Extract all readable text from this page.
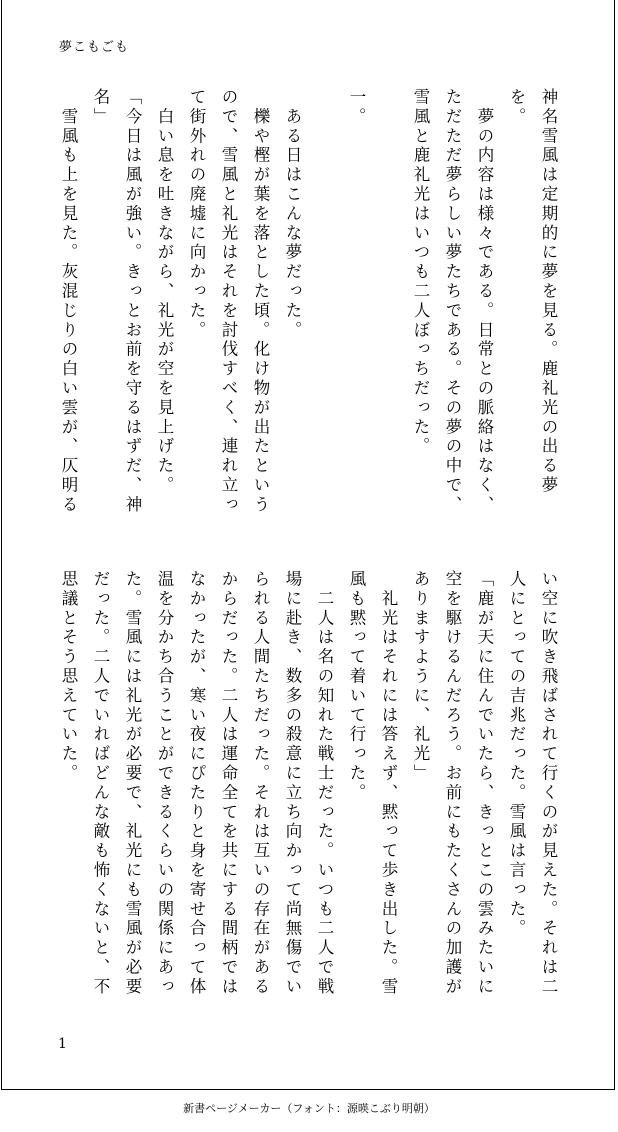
夢こもごも

神名雪風は定期的に夢を見る。鹿礼光の出る夢を。

　夢の内容は様々である。日常との脈絡はなく、ただただ夢らしい夢たちである。その夢の中で、雪風と鹿礼光はいつも二人ぼっちだった。

一。

　ある日はこんな夢だった。

　櫟や樫が葉を落とした頃。化け物が出たというので、雪風と礼光はそれを討伐すべく、連れ立って街外れの廃墟に向かった。

　白い息を吐きながら、礼光が空を見上げた。

「今日は風が強い。きっとお前を守るはずだ、神名」

　雪風も上を見た。灰混じりの白い雲が、仄明る

い空に吹き飛ばされて行くのが見えた。それは二人にとっての吉兆だった。雪風は言った。

「鹿が天に住んでいたら、きっとこの雲みたいに空を駆けるんだろう。お前にもたくさんの加護がありますように、礼光」

　礼光はそれには答えず、黙って歩き出した。雪風も黙って着いて行った。

　二人は名の知れた戦士だった。いつも二人で戦場に赴き、数多の殺意に立ち向かって尚無傷でいられる人間たちだった。それは互いの存在があるからだった。二人は運命全てを共にする間柄ではなかったが、寒い夜にぴたりと身を寄せ合って体温を分かち合うことができるくらいの関係にあった。雪風には礼光が必要で、礼光にも雪風が必要だった。二人でいればどんな敵も怖くないと、不思議とそう思えていた。

1
新書ページメーカー（フォント：源暎こぶり明朝）
